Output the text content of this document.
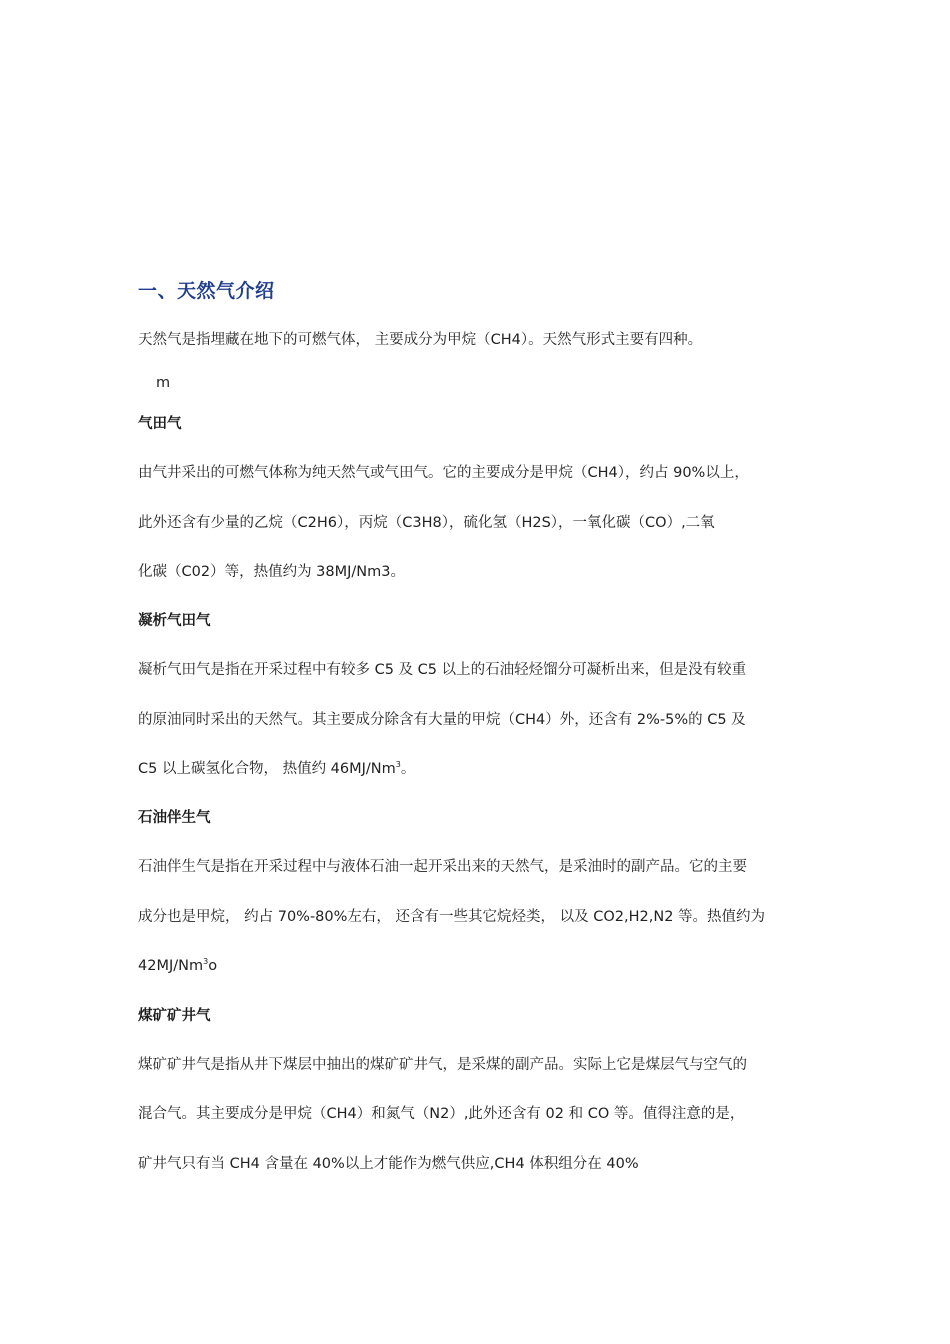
一、天然气介绍
天然气是指埋藏在地下的可燃气体， 主要成分为甲烷（CH4）。天然气形式主要有四种。
m
气田气
由气井采出的可燃气体称为纯天然气或气田气。它的主要成分是甲烷（CH4），约占 90%以上，
此外还含有少量的乙烷（C2H6），丙烷（C3H8），硫化氢（H2S），一氧化碳（CO）,二氧
化碳（C02）等，热值约为 38MJ/Nm3。
凝析气田气
凝析气田气是指在开采过程中有较多 C5 及 C5 以上的石油轻烃馏分可凝析出来，但是没有较重
的原油同时采出的天然气。其主要成分除含有大量的甲烷（CH4）外，还含有 2%-5%的 C5 及
C5 以上碳氢化合物， 热值约 46MJ/Nm$^3$。
石油伴生气
石油伴生气是指在开采过程中与液体石油一起开采出来的天然气，是采油时的副产品。它的主要
成分也是甲烷， 约占 70%-80%左右， 还含有一些其它烷烃类， 以及 CO2,H2,N2 等。热值约为
42MJ/Nm$^3$o
煤矿矿井气
煤矿矿井气是指从井下煤层中抽出的煤矿矿井气，是采煤的副产品。实际上它是煤层气与空气的
混合气。其主要成分是甲烷（CH4）和氮气（N2）,此外还含有 02 和 CO 等。值得注意的是，
矿井气只有当 CH4 含量在 40%以上才能作为燃气供应,CH4 体积组分在 40%
